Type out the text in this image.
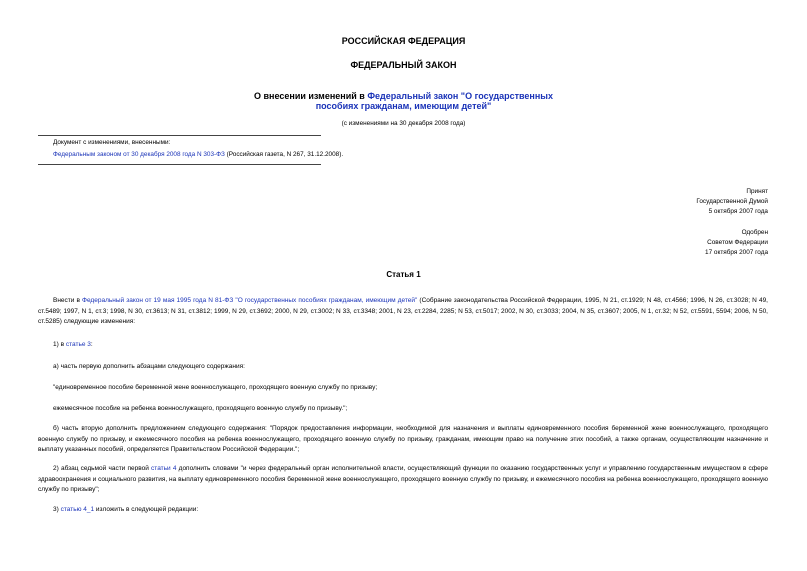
РОССИЙСКАЯ ФЕДЕРАЦИЯ
ФЕДЕРАЛЬНЫЙ ЗАКОН
О внесении изменений в Федеральный закон "О государственных
пособиях гражданам, имеющим детей"
(с изменениями на 30 декабря 2008 года)
Документ с изменениями, внесенными:
Федеральным законом от 30 декабря 2008 года N 303-ФЗ (Российская газета, N 267, 31.12.2008).
Принят
Государственной Думой
5 октября 2007 года
Одобрен
Советом Федерации
17 октября 2007 года
Статья 1
Внести в Федеральный закон от 19 мая 1995 года N 81-ФЗ "О государственных пособиях гражданам, имеющим детей" (Собрание законодательства Российской Федерации, 1995, N 21, ст.1929; N 48, ст.4566; 1996, N 26, ст.3028; N 49, ст.5489; 1997, N 1, ст.3; 1998, N 30, ст.3613; N 31, ст.3812; 1999, N 29, ст.3692; 2000, N 29, ст.3002; N 33, ст.3348; 2001, N 23, ст.2284, 2285; N 53, ст.5017; 2002, N 30, ст.3033; 2004, N 35, ст.3607; 2005, N 1, ст.32; N 52, ст.5591, 5594; 2006, N 50, ст.5285) следующие изменения:
1) в статье 3:
а) часть первую дополнить абзацами следующего содержания:
"единовременное пособие беременной жене военнослужащего, проходящего военную службу по призыву;
ежемесячное пособие на ребенка военнослужащего, проходящего военную службу по призыву.";
б) часть вторую дополнить предложением следующего содержания: "Порядок предоставления информации, необходимой для назначения и выплаты единовременного пособия беременной жене военнослужащего, проходящего военную службу по призыву, и ежемесячного пособия на ребенка военнослужащего, проходящего военную службу по призыву, гражданам, имеющим право на получение этих пособий, а также органам, осуществляющим назначение и выплату указанных пособий, определяется Правительством Российской Федерации.";
2) абзац седьмой части первой статьи 4 дополнить словами "и через федеральный орган исполнительной власти, осуществляющий функции по оказанию государственных услуг и управлению государственным имуществом в сфере здравоохранения и социального развития, на выплату единовременного пособия беременной жене военнослужащего, проходящего военную службу по призыву, и ежемесячного пособия на ребенка военнослужащего, проходящего военную службу по призыву";
3) статью 4_1 изложить в следующей редакции:
